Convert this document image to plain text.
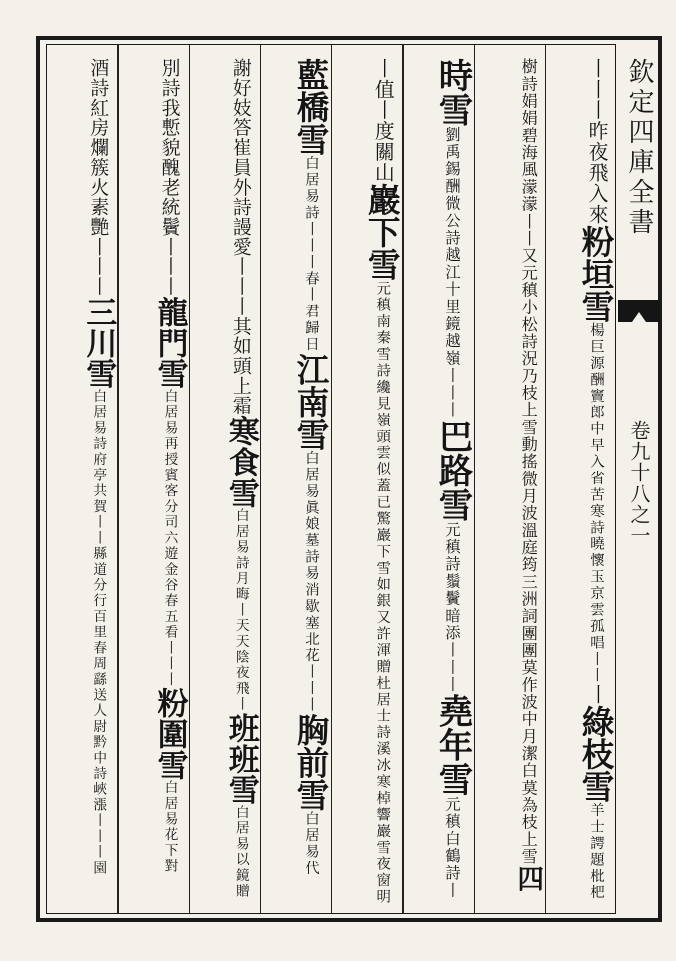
欽定四庫全書
卷九十八之一
丨丨丨昨夜飛入來粉垣雪楊巨源酬竇郎中早入省苦寒詩曉懷玉京雲孤唱丨丨丨綠枝雪羊士諤題枇杷
樹詩娟娟碧海風濛濛丨丨又元稹小松詩況乃枝上雪動搖微月波溫庭筠三洲詞團團莫作波中月潔白莫為枝上雪四
時雪劉禹錫酬微公詩越江十里鏡越嶺丨丨丨巴路雪元稹詩鬚鬢暗添丨丨丨堯年雪元稹白鶴詩丨
丨值丨度關山巖下雪元稹南秦雪詩纔見嶺頭雲似蓋已驚巖下雪如銀又許渾贈杜居士詩溪冰寒棹響巖雪夜窗明
藍橋雪白居易詩丨丨丨春丨君歸日江南雪白居易眞娘墓詩易消歇塞北花丨丨丨胸前雪白居易代
謝好妓答崔員外詩謾愛丨丨丨其如頭上霜寒食雪白居易詩月晦丨天天陰夜飛丨班班雪白居易以鏡贈
別詩我慙貌醜老統鬢丨丨丨龍門雪白居易再授賓客分司六遊金谷春五看丨丨丨粉圍雪白居易花下對
酒詩紅房爛簇火素艷丨丨丨三川雪白居易詩府亭共賀丨丨縣道分行百里春周繇送人尉黔中詩峽漲丨丨丨園
